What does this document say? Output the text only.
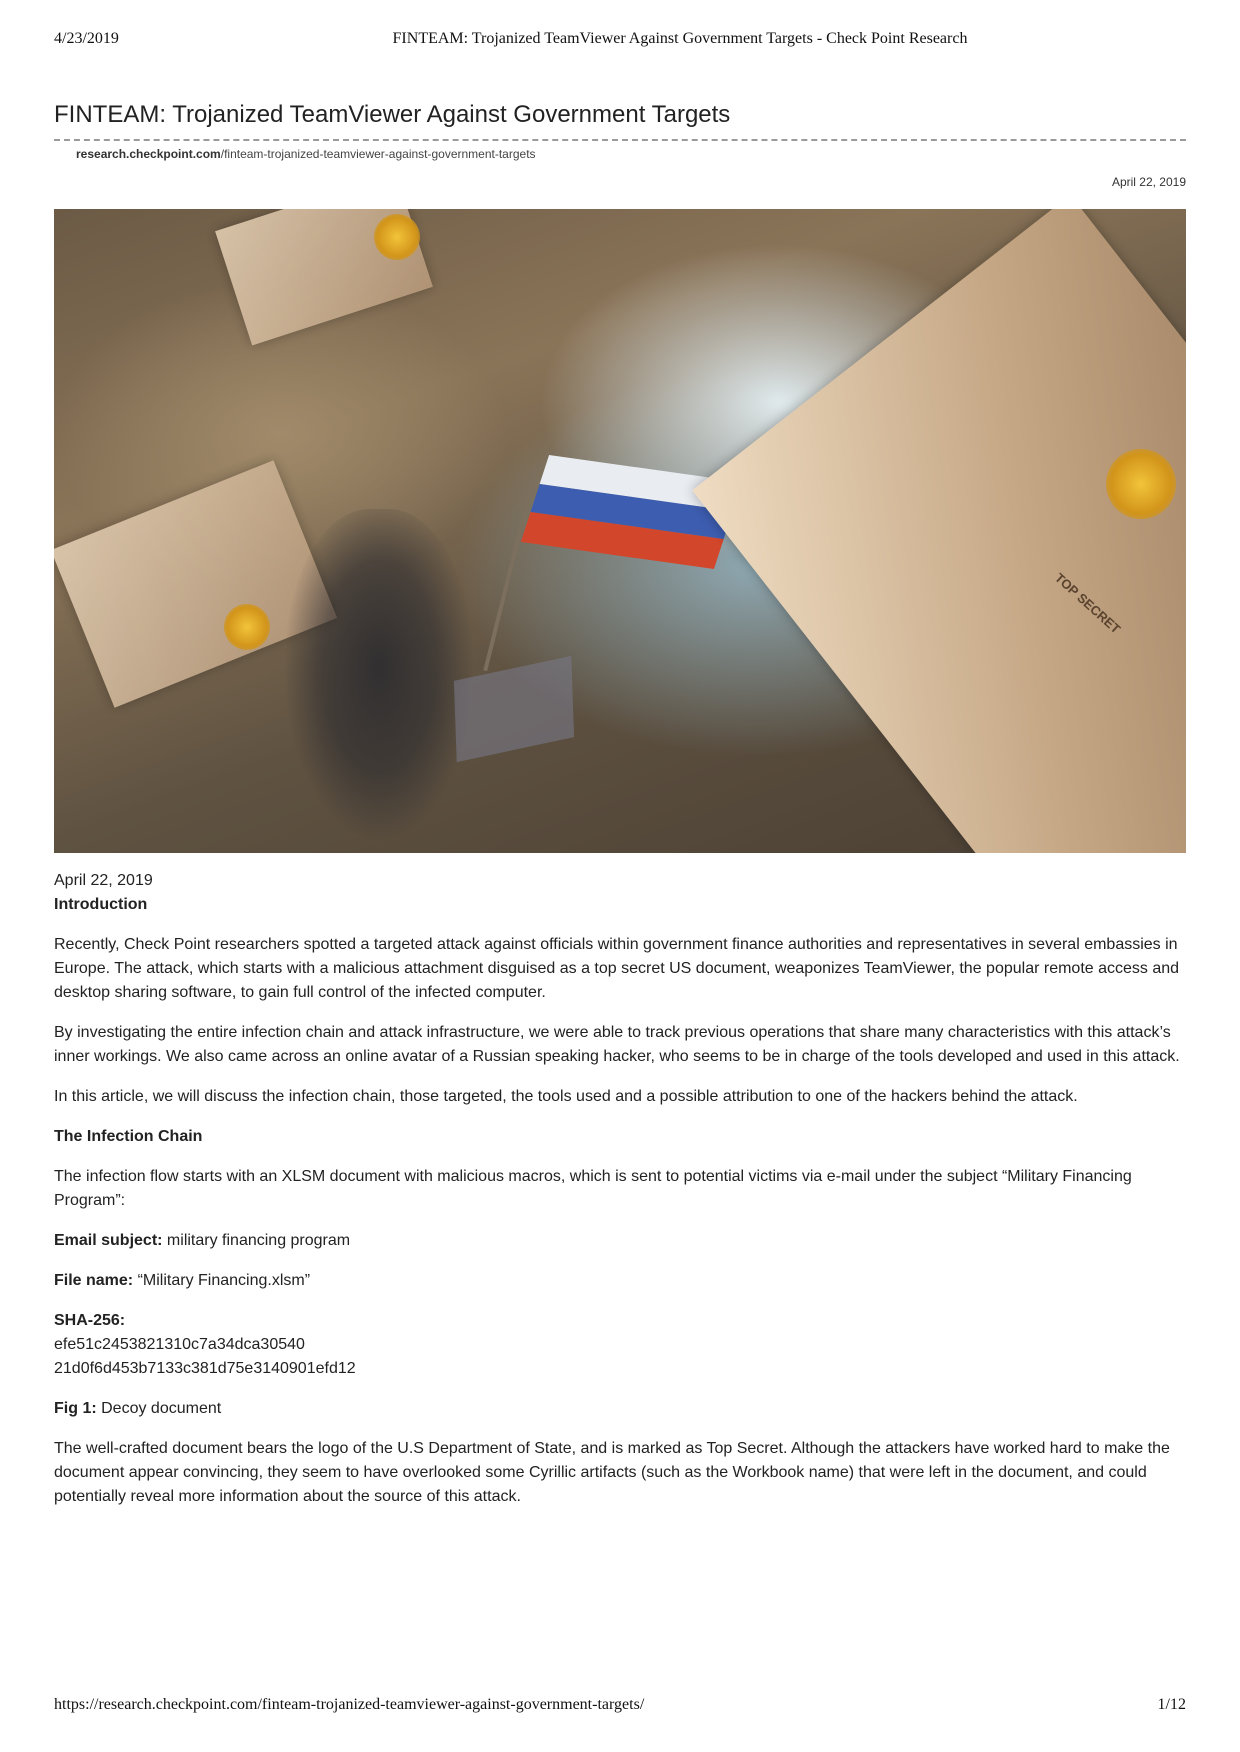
4/23/2019	FINTEAM: Trojanized TeamViewer Against Government Targets - Check Point Research
FINTEAM: Trojanized TeamViewer Against Government Targets
research.checkpoint.com/finteam-trojanized-teamviewer-against-government-targets
April 22, 2019
TOP SECRET

April 22, 2019

Introduction

Recently, Check Point researchers spotted a targeted attack against officials within government finance authorities and representatives in several embassies in Europe. The attack, which starts with a malicious attachment disguised as a top secret US document, weaponizes TeamViewer, the popular remote access and desktop sharing software, to gain full control of the infected computer.

By investigating the entire infection chain and attack infrastructure, we were able to track previous operations that share many characteristics with this attack’s inner workings. We also came across an online avatar of a Russian speaking hacker, who seems to be in charge of the tools developed and used in this attack.

In this article, we will discuss the infection chain, those targeted, the tools used and a possible attribution to one of the hackers behind the attack.

The Infection Chain

The infection flow starts with an XLSM document with malicious macros, which is sent to potential victims via e-mail under the subject “Military Financing Program”:

Email subject: military financing program

File name: “Military Financing.xlsm”

SHA-256:
efe51c2453821310c7a34dca30540
21d0f6d453b7133c381d75e3140901efd12

Fig 1: Decoy document

The well-crafted document bears the logo of the U.S Department of State, and is marked as Top Secret. Although the attackers have worked hard to make the document appear convincing, they seem to have overlooked some Cyrillic artifacts (such as the Workbook name) that were left in the document, and could potentially reveal more information about the source of this attack.

https://research.checkpoint.com/finteam-trojanized-teamviewer-against-government-targets/	1/12
